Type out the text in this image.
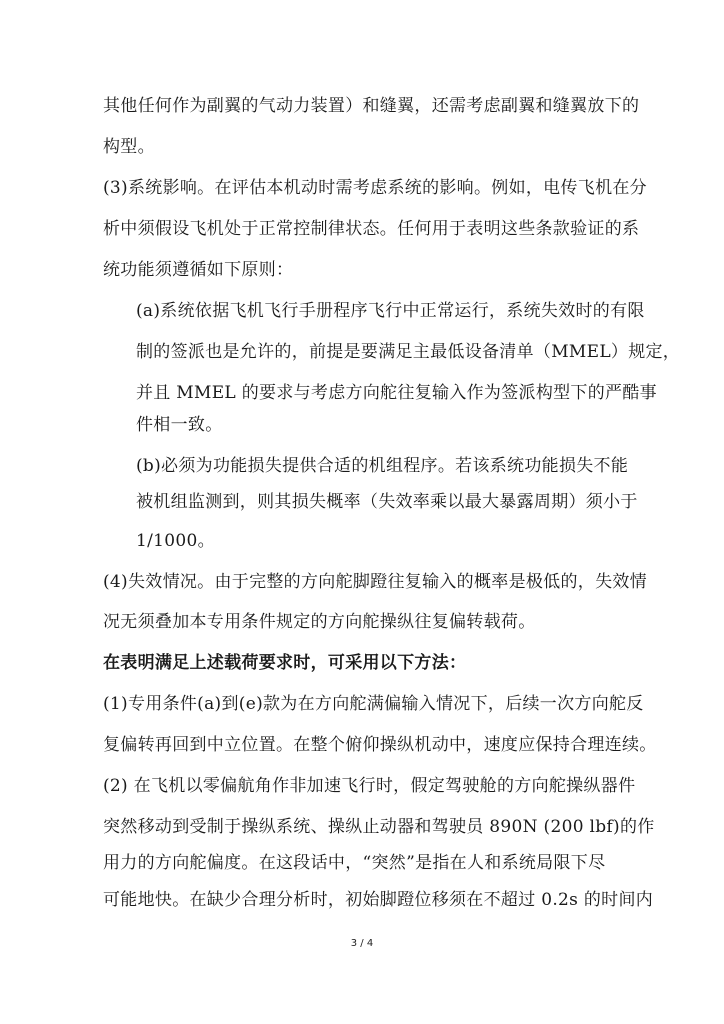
其他任何作为副翼的气动力装置）和缝翼，还需考虑副翼和缝翼放下的
构型。
(3)系统影响。在评估本机动时需考虑系统的影响。例如，电传飞机在分
析中须假设飞机处于正常控制律状态。任何用于表明这些条款验证的系
统功能须遵循如下原则：
(a)系统依据飞机飞行手册程序飞行中正常运行，系统失效时的有限
制的签派也是允许的，前提是要满足主最低设备清单（MMEL）规定，
并且 MMEL 的要求与考虑方向舵往复输入作为签派构型下的严酷事
件相一致。
(b)必须为功能损失提供合适的机组程序。若该系统功能损失不能
被机组监测到，则其损失概率（失效率乘以最大暴露周期）须小于
1/1000。
(4)失效情况。由于完整的方向舵脚蹬往复输入的概率是极低的，失效情
况无须叠加本专用条件规定的方向舵操纵往复偏转载荷。
在表明满足上述载荷要求时，可采用以下方法：
(1)专用条件(a)到(e)款为在方向舵满偏输入情况下，后续一次方向舵反
复偏转再回到中立位置。在整个俯仰操纵机动中，速度应保持合理连续。
(2) 在飞机以零偏航角作非加速飞行时，假定驾驶舱的方向舵操纵器件
突然移动到受制于操纵系统、操纵止动器和驾驶员 890N (200 lbf)的作
用力的方向舵偏度。在这段话中，“突然”是指在人和系统局限下尽
可能地快。在缺少合理分析时，初始脚蹬位移须在不超过 0.2s 的时间内
3 / 4
